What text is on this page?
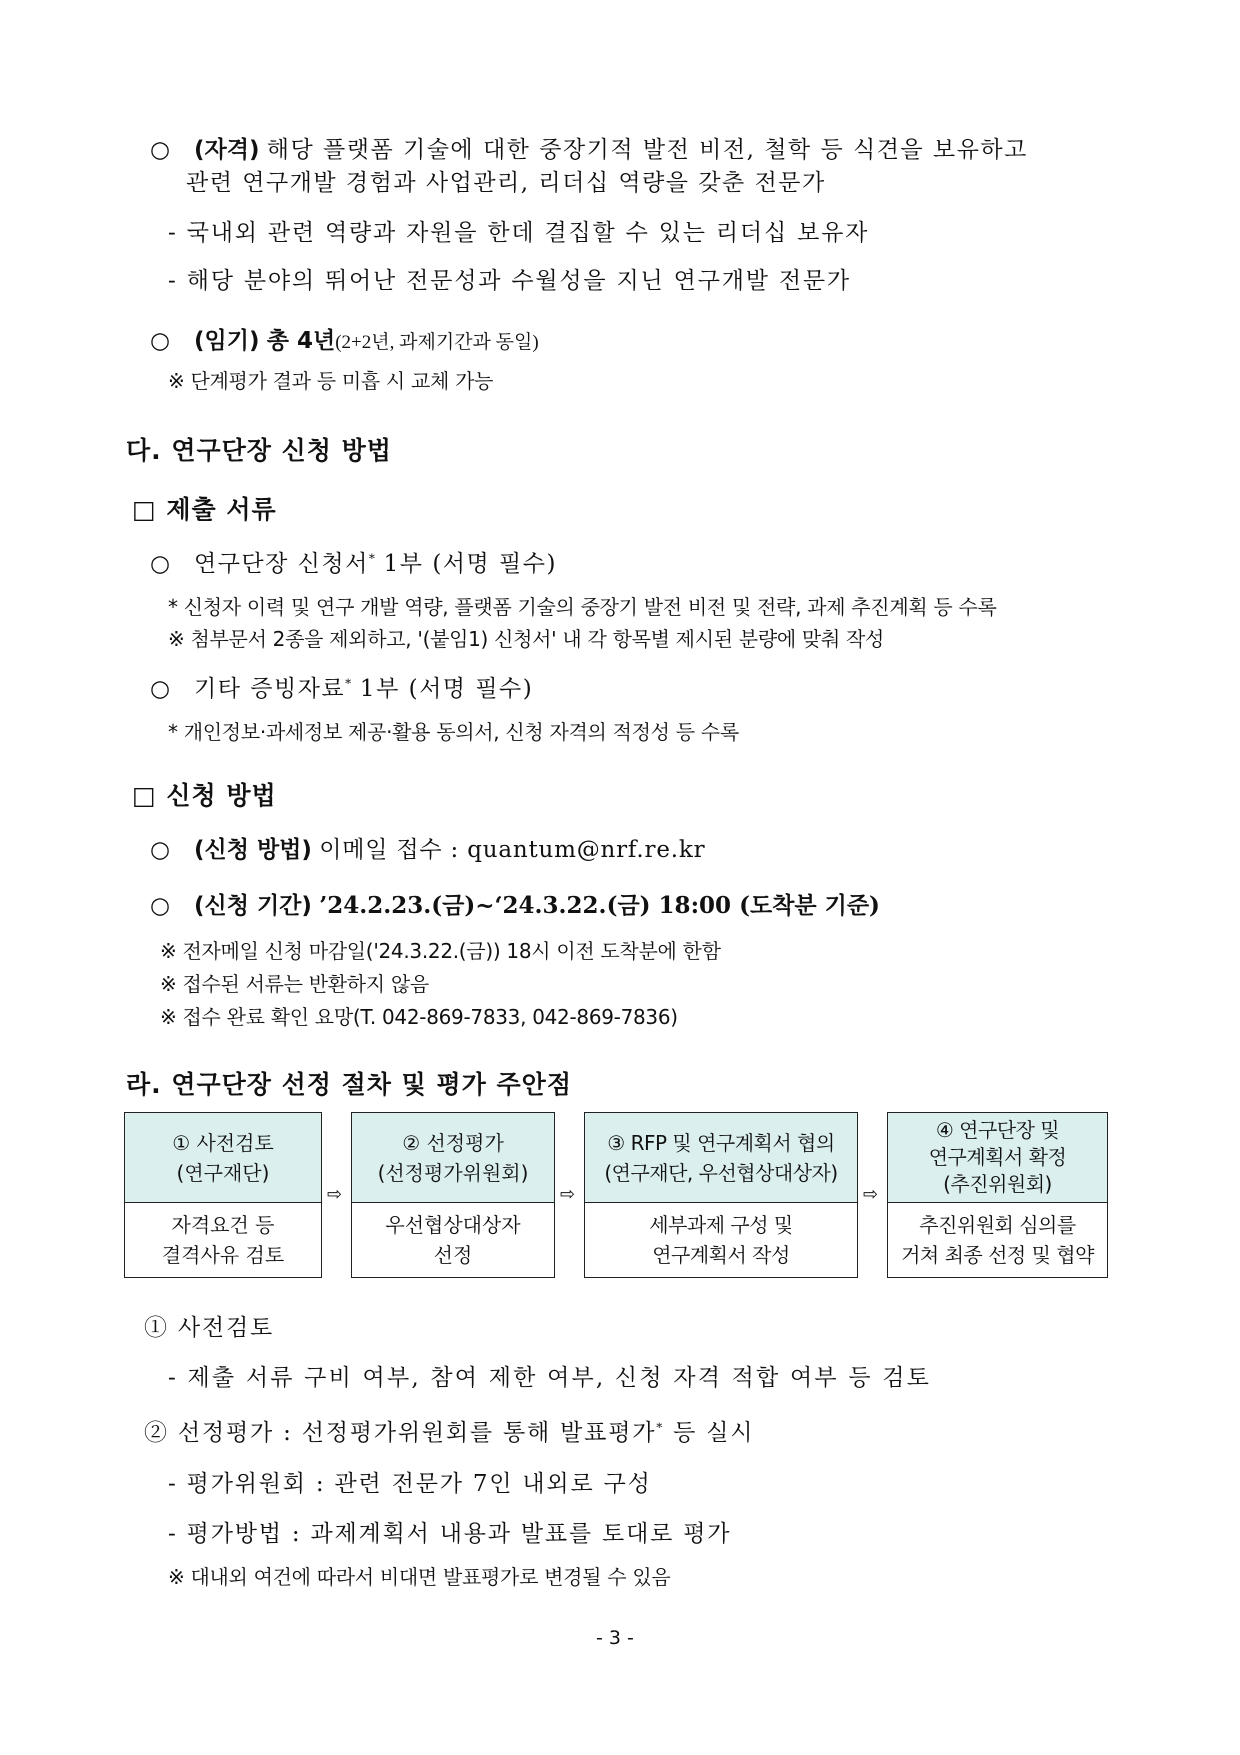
○ (자격) 해당 플랫폼 기술에 대한 중장기적 발전 비전, 철학 등 식견을 보유하고
관련 연구개발 경험과 사업관리, 리더십 역량을 갖춘 전문가
- 국내외 관련 역량과 자원을 한데 결집할 수 있는 리더십 보유자
- 해당 분야의 뛰어난 전문성과 수월성을 지닌 연구개발 전문가
○ (임기) 총 4년(2+2년, 과제기간과 동일)
※ 단계평가 결과 등 미흡 시 교체 가능
다. 연구단장 신청 방법
□ 제출 서류
○ 연구단장 신청서* 1부 (서명 필수)
* 신청자 이력 및 연구 개발 역량, 플랫폼 기술의 중장기 발전 비전 및 전략, 과제 추진계획 등 수록
※ 첨부문서 2종을 제외하고, '(붙임1) 신청서' 내 각 항목별 제시된 분량에 맞춰 작성
○ 기타 증빙자료* 1부 (서명 필수)
* 개인정보·과세정보 제공·활용 동의서, 신청 자격의 적정성 등 수록
□ 신청 방법
○ (신청 방법) 이메일 접수 : quantum@nrf.re.kr
○ (신청 기간) ’24.2.23.(금)~‘24.3.22.(금) 18:00 (도착분 기준)
※ 전자메일 신청 마감일('24.3.22.(금)) 18시 이전 도착분에 한함
※ 접수된 서류는 반환하지 않음
※ 접수 완료 확인 요망(T. 042-869-7833, 042-869-7836)
라. 연구단장 선정 절차 및 평가 주안점
① 사전검토
(연구재단)
자격요건 등
결격사유 검토
⇨
② 선정평가
(선정평가위원회)
우선협상대상자
선정
⇨
③ RFP 및 연구계획서 협의
(연구재단, 우선협상대상자)
세부과제 구성 및
연구계획서 작성
⇨
④ 연구단장 및
연구계획서 확정
(추진위원회)
추진위원회 심의를
거쳐 최종 선정 및 협약
① 사전검토
- 제출 서류 구비 여부, 참여 제한 여부, 신청 자격 적합 여부 등 검토
② 선정평가 : 선정평가위원회를 통해 발표평가* 등 실시
- 평가위원회 : 관련 전문가 7인 내외로 구성
- 평가방법 : 과제계획서 내용과 발표를 토대로 평가
※ 대내외 여건에 따라서 비대면 발표평가로 변경될 수 있음
- 3 -
